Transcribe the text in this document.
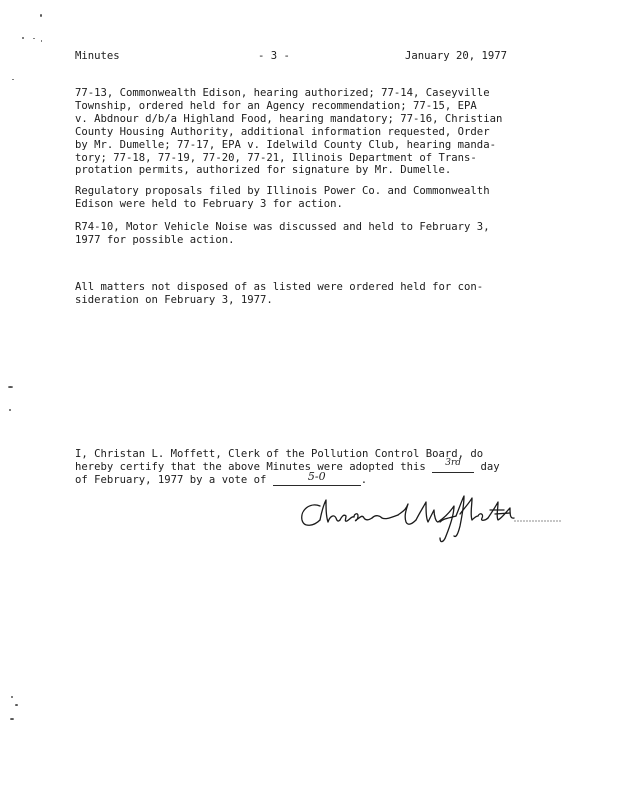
Minutes	- 3 -	January 20, 1977

77-13, Commonwealth Edison, hearing authorized; 77-14, Caseyville
Township, ordered held for an Agency recommendation; 77-15, EPA
v. Abdnour d/b/a Highland Food, hearing mandatory; 77-16, Christian
County Housing Authority, additional information requested, Order
by Mr. Dumelle; 77-17, EPA v. Idelwild County Club, hearing manda-
tory; 77-18, 77-19, 77-20, 77-21, Illinois Department of Trans-
protation permits, authorized for signature by Mr. Dumelle.

Regulatory proposals filed by Illinois Power Co. and Commonwealth
Edison were held to February 3 for action.

R74-10, Motor Vehicle Noise was discussed and held to February 3,
1977 for possible action.

All matters not disposed of as listed were ordered held for con-
sideration on February 3, 1977.

I, Christan L. Moffett, Clerk of the Pollution Control Board, do
hereby certify that the above Minutes were adopted this $^{3rd}$ day
of February, 1977 by a vote of	5-0	.
